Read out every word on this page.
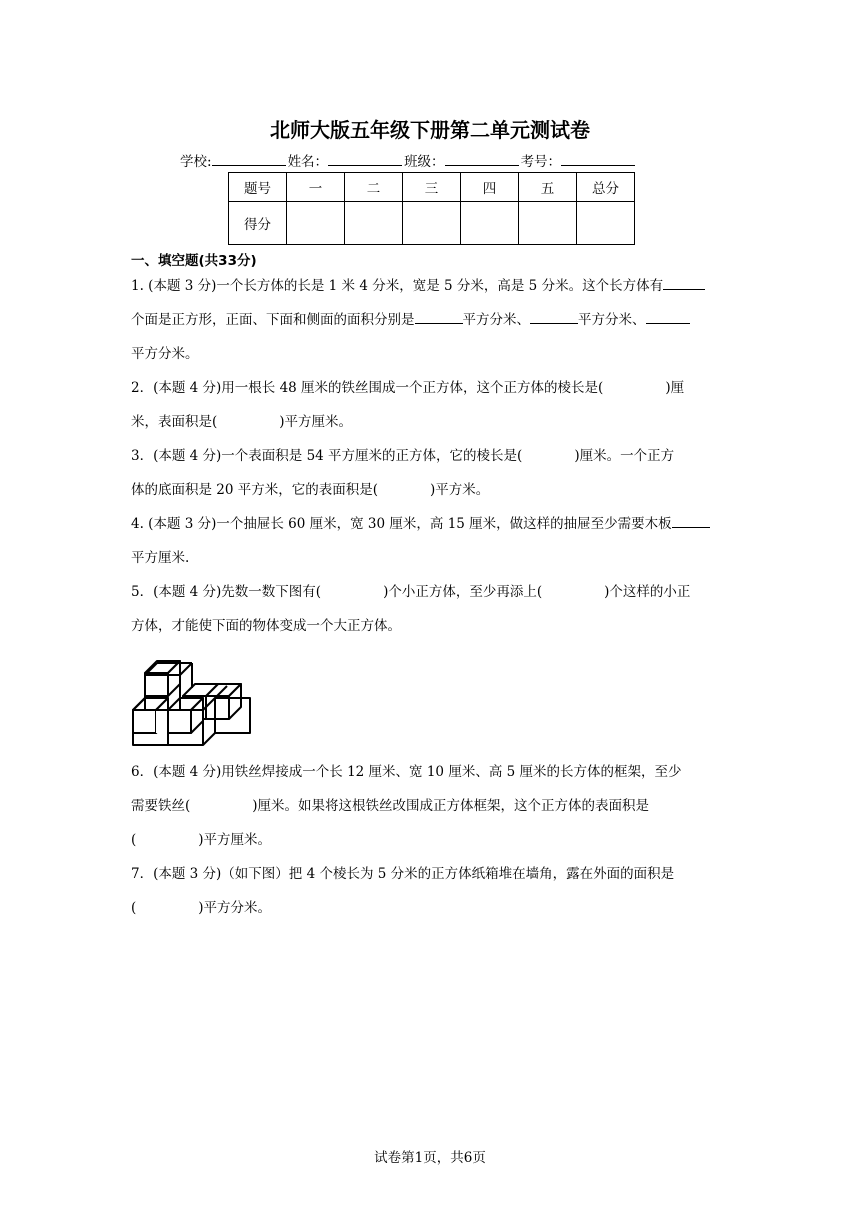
北师大版五年级下册第二单元测试卷
学校:	姓名：	班级：	考号：
题号	一	二	三	四	五	总分
得分						
一、填空题(共33分)
1. (本题 3 分)一个长方体的长是 1 米 4 分米，宽是 5 分米，高是 5 分米。这个长方体有
个面是正方形，正面、下面和侧面的面积分别是	平方分米、	平方分米、
平方分米。
2．(本题 4 分)用一根长 48 厘米的铁丝围成一个正方体，这个正方体的棱长是(	)厘
米，表面积是(	)平方厘米。
3．(本题 4 分)一个表面积是 54 平方厘米的正方体，它的棱长是(	)厘米。一个正方
体的底面积是 20 平方米，它的表面积是(	)平方米。
4. (本题 3 分)一个抽屉长 60 厘米，宽 30 厘米，高 15 厘米，做这样的抽屉至少需要木板
平方厘米.
5．(本题 4 分)先数一数下图有(	)个小正方体，至少再添上(	)个这样的小正
方体，才能使下面的物体变成一个大正方体。
6．(本题 4 分)用铁丝焊接成一个长 12 厘米、宽 10 厘米、高 5 厘米的长方体的框架，至少
需要铁丝(	)厘米。如果将这根铁丝改围成正方体框架，这个正方体的表面积是
(	)平方厘米。
7．(本题 3 分)（如下图）把 4 个棱长为 5 分米的正方体纸箱堆在墙角，露在外面的面积是
(	)平方分米。
试卷第1页，共6页
